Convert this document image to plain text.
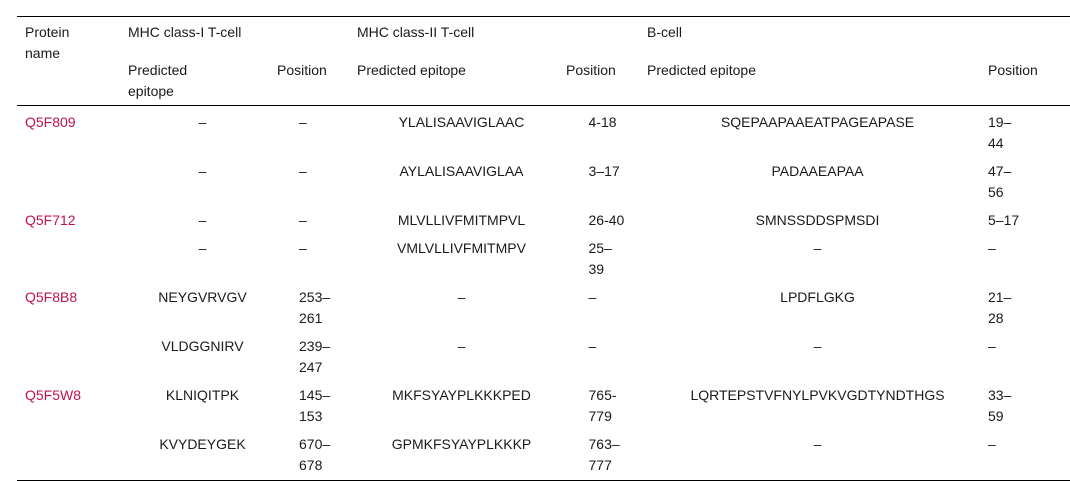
Protein name	MHC class-I T-cell		MHC class-II T-cell		B-cell	
	Predicted epitope	Position	Predicted epitope	Position	Predicted epitope	Position
Q5F809	–	–	YLALISAAVIGLAAC	4-18	SQEPAAPAAEATPAGEAPASE	19–44
	–	–	AYLALISAAVIGLAA	3–17	PADAAEAPAA	47–56
Q5F712	–	–	MLVLLIVFMITMPVL	26-40	SMNSSDDSPMSDI	5–17
	–	–	VMLVLLIVFMITMPV	25–39	–	–
Q5F8B8	NEYGVRVGV	253–261	–	–	LPDFLGKG	21–28
	VLDGGNIRV	239–247	–	–	–	–
Q5F5W8	KLNIQITPK	145–153	MKFSYAYPLKKKPED	765-779	LQRTEPSTVFNYLPVKVGDTYNDTHGS	33–59
	KVYDEYGEK	670–678	GPMKFSYAYPLKKKP	763–777	–	–
